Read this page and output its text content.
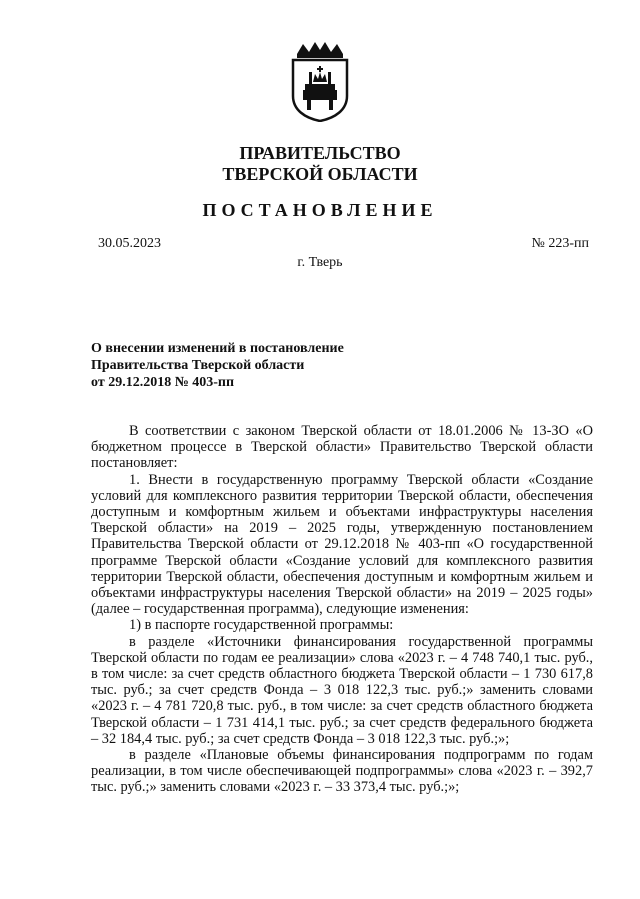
ПРАВИТЕЛЬСТВО
ТВЕРСКОЙ ОБЛАСТИ
ПОСТАНОВЛЕНИЕ
30.05.2023	№ 223-пп
г. Тверь
О внесении изменений в постановление
Правительства Тверской области
от 29.12.2018 № 403-пп

В соответствии с законом Тверской области от 18.01.2006 № 13-ЗО «О бюджетном процессе в Тверской области» Правительство Тверской области постановляет:

1. Внести в государственную программу Тверской области «Создание условий для комплексного развития территории Тверской области, обеспечения доступным и комфортным жильем и объектами инфраструктуры населения Тверской области» на 2019 – 2025 годы, утвержденную постановлением Правительства Тверской области от 29.12.2018 № 403-пп «О государственной программе Тверской области «Создание условий для комплексного развития территории Тверской области, обеспечения доступным и комфортным жильем и объектами инфраструктуры населения Тверской области» на 2019 – 2025 годы» (далее – государственная программа), следующие изменения:

1) в паспорте государственной программы:

в разделе «Источники финансирования государственной программы Тверской области по годам ее реализации» слова «2023 г. – 4 748 740,1 тыс. руб., в том числе: за счет средств областного бюджета Тверской области – 1 730 617,8 тыс. руб.; за счет средств Фонда – 3 018 122,3 тыс. руб.;» заменить словами «2023 г. – 4 781 720,8 тыс. руб., в том числе: за счет средств областного бюджета Тверской области – 1 731 414,1 тыс. руб.; за счет средств федерального бюджета – 32 184,4 тыс. руб.; за счет средств Фонда – 3 018 122,3 тыс. руб.;»;

в разделе «Плановые объемы финансирования подпрограмм по годам реализации, в том числе обеспечивающей подпрограммы» слова «2023 г. – 392,7 тыс. руб.;» заменить словами «2023 г. – 33 373,4 тыс. руб.;»;
